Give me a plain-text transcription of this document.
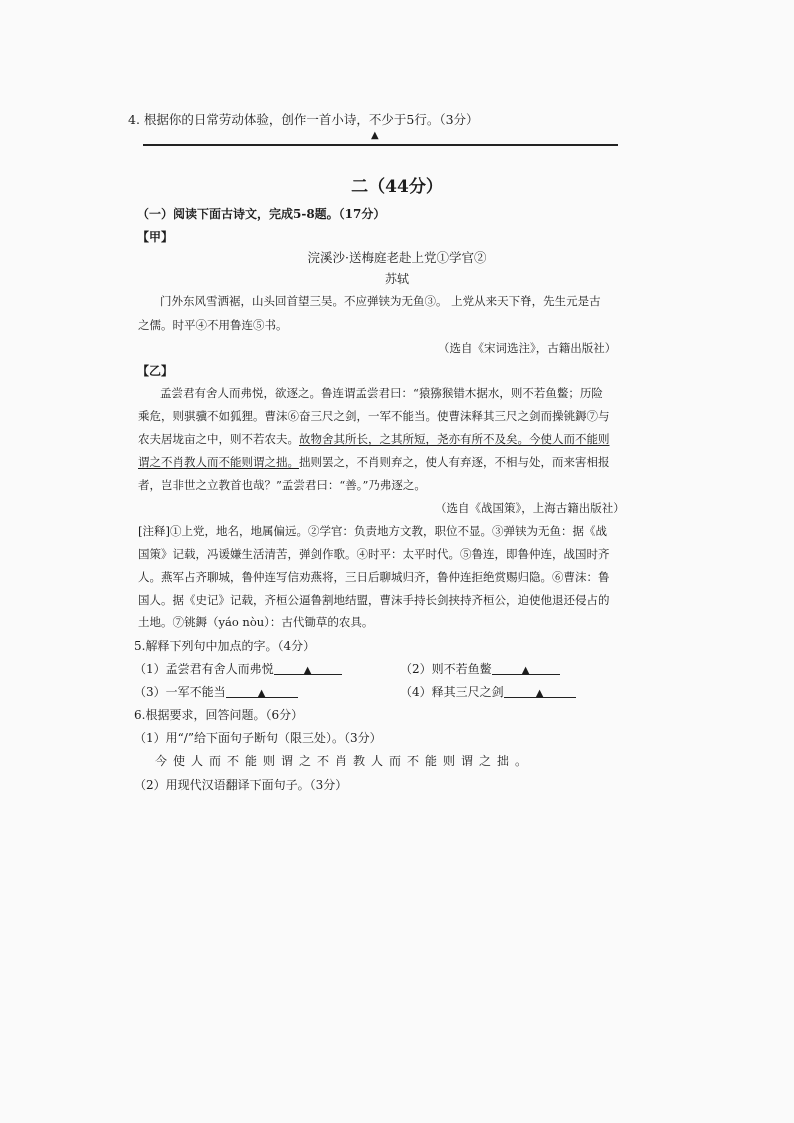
4. 根据你的日常劳动体验，创作一首小诗，不少于5行。（3分）
▲
二（44分）
（一）阅读下面古诗文，完成5-8题。（17分）
【甲】
浣溪沙·送梅庭老赴上党①学官②
苏轼
门外东风雪洒裾，山头回首望三吴。不应弹铗为无鱼③。 上党从来天下脊，先生元是古
之儒。时平④不用鲁连⑤书。
（选自《宋词选注》，古籍出版社）
【乙】
孟尝君有舍人而弗悦，欲逐之。鲁连谓孟尝君曰：“猿猕猴错木据水，则不若鱼鳖；历险
乘危，则骐骥不如狐狸。曹沫⑥奋三尺之剑，一军不能当。使曹沫释其三尺之剑而操铫鎒⑦与
农夫居垅亩之中，则不若农夫。故物舍其所长，之其所短，尧亦有所不及矣。今使人而不能则
谓之不肖教人而不能则谓之拙。拙则罢之，不肖则弃之，使人有弃逐，不相与处，而来害相报
者，岂非世之立教首也哉？”孟尝君曰：“善。”乃弗逐之。
（选自《战国策》，上海古籍出版社）
[注释]①上党，地名，地属偏远。②学官：负责地方文教，职位不显。③弹铗为无鱼：据《战
国策》记载，冯谖嫌生活清苦，弹剑作歌。④时平：太平时代。⑤鲁连，即鲁仲连，战国时齐
人。燕军占齐聊城，鲁仲连写信劝燕将，三日后聊城归齐，鲁仲连拒绝赏赐归隐。⑥曹沫：鲁
国人。据《史记》记载，齐桓公逼鲁割地结盟，曹沫手持长剑挟持齐桓公，迫使他退还侵占的
土地。⑦铫鎒（yáo nòu）：古代锄草的农具。
5.解释下列句中加点的字。（4分）
（1）孟尝君有舍人而弗悦	▲	（2）则不若鱼鳖	▲
（3）一军不能当	▲	（4）释其三尺之剑	▲
6.根据要求，回答问题。（6分）
（1）用“/”给下面句子断句（限三处）。（3分）
今使人而不能则谓之不肖教人而不能则谓之拙。
（2）用现代汉语翻译下面句子。（3分）
